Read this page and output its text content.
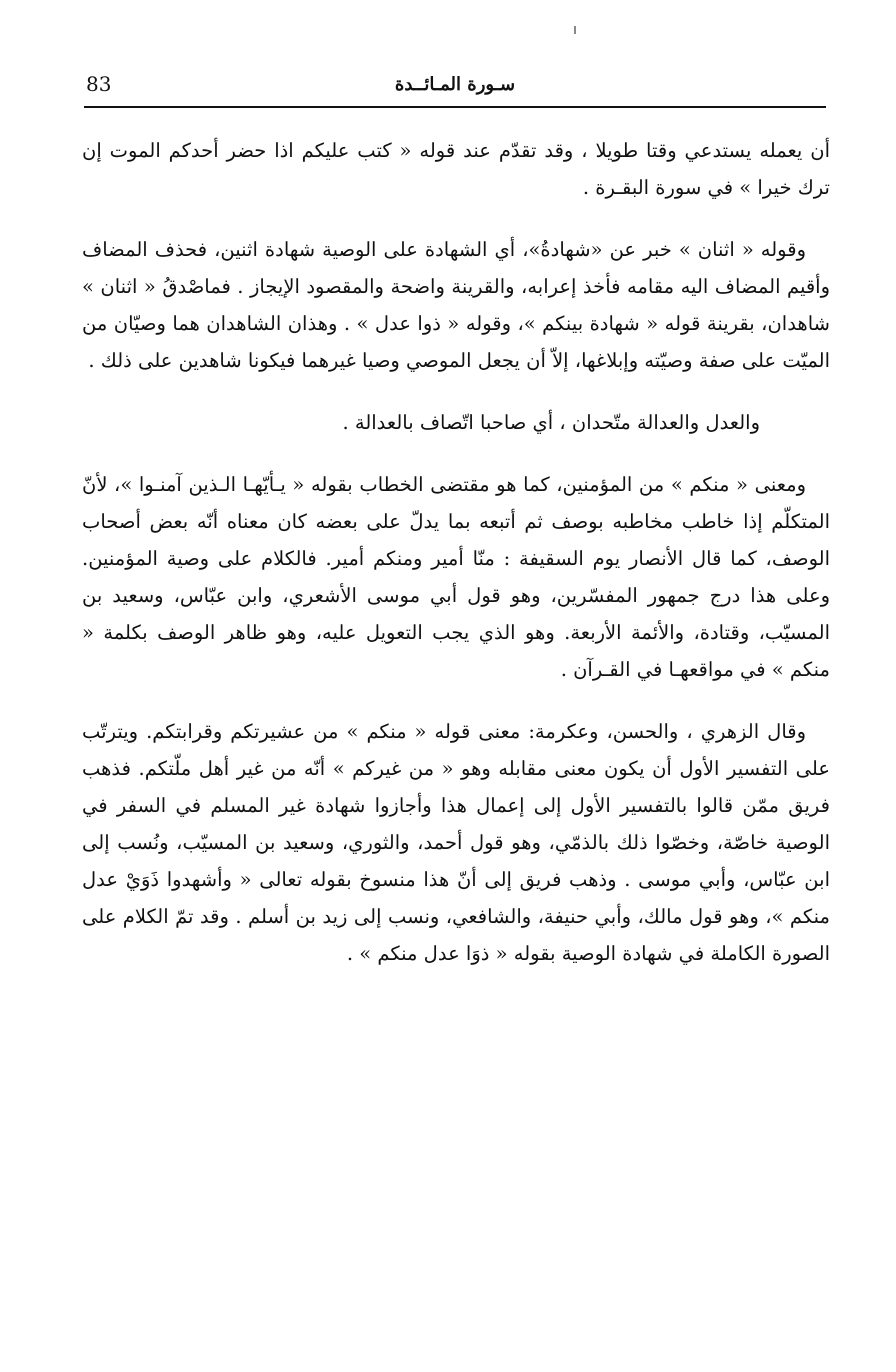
83	سـورة المـائــدة

أن يعمله يستدعي وقتا طويلا ، وقد تقدّم عند قوله « كتب عليكم اذا حضر أحدكم الموت إن ترك خيرا » في سورة البقـرة .

وقوله « اثنان » خبر عن «شهادةُ»، أي الشهادة على الوصية شهادة اثنين، فحذف المضاف وأقيم المضاف اليه مقامه فأخذ إعرابه، والقرينة واضحة والمقصود الإيجاز . فماصْدقُ « اثنان » شاهدان، بقرينة قوله « شهادة بينكم »، وقوله « ذوا عدل » . وهذان الشاهدان هما وصيّان من الميّت على صفة وصيّته وإبلاغها، إلاّ أن يجعل الموصي وصيا غيرهما فيكونا شاهدين على ذلك .

والعدل والعدالة متّحدان ، أي صاحبا اتّصاف بالعدالة .

ومعنى « منكم » من المؤمنين، كما هو مقتضى الخطاب بقوله « يـأيّهـا الـذين آمنـوا »، لأنّ المتكلّم إذا خاطب مخاطبه بوصف ثم أتبعه بما يدلّ على بعضه كان معناه أنّه بعض أصحاب الوصف، كما قال الأنصار يوم السقيفة : منّا أمير ومنكم أمير. فالكلام على وصية المؤمنين. وعلى هذا درج جمهور المفسّرين، وهو قول أبي موسى الأشعري، وابن عبّاس، وسعيد بن المسيّب، وقتادة، والأئمة الأربعة. وهو الذي يجب التعويل عليه، وهو ظاهر الوصف بكلمة « منكم » في مواقعهـا في القـرآن .

وقال الزهري ، والحسن، وعكرمة: معنى قوله « منكم » من عشيرتكم وقرابتكم. ويترتّب على التفسير الأول أن يكون معنى مقابله وهو « من غيركم » أنّه من غير أهل ملّتكم. فذهب فريق ممّن قالوا بالتفسير الأول إلى إعمال هذا وأجازوا شهادة غير المسلم في السفر في الوصية خاصّة، وخصّوا ذلك بالذمّي، وهو قول أحمد، والثوري، وسعيد بن المسيّب، ونُسب إلى ابن عبّاس، وأبي موسى . وذهب فريق إلى أنّ هذا منسوخ بقوله تعالى « وأشهدوا ذَوَيْ عدل منكم »، وهو قول مالك، وأبي حنيفة، والشافعي، ونسب إلى زيد بن أسلم . وقد تمّ الكلام على الصورة الكاملة في شهادة الوصية بقوله « ذوَا عدل منكم » .
